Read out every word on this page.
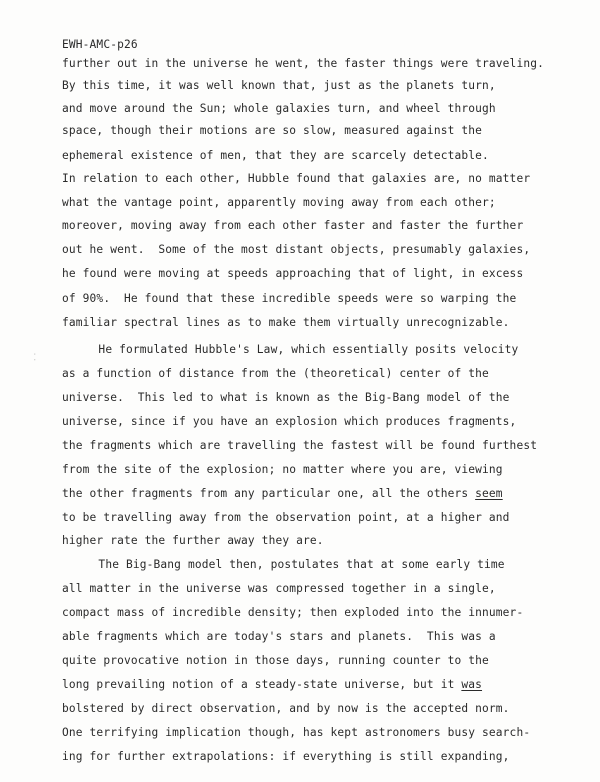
EWH-AMC-p26
further out in the universe he went, the faster things were traveling.
By this time, it was well known that, just as the planets turn,
and move around the Sun; whole galaxies turn, and wheel through
space, though their motions are so slow, measured against the
ephemeral existence of men, that they are scarcely detectable.
In relation to each other, Hubble found that galaxies are, no matter
what the vantage point, apparently moving away from each other;
moreover, moving away from each other faster and faster the further
out he went.  Some of the most distant objects, presumably galaxies,
he found were moving at speeds approaching that of light, in excess
of 90%.  He found that these incredible speeds were so warping the
familiar spectral lines as to make them virtually unrecognizable.
He formulated Hubble's Law, which essentially posits velocity
as a function of distance from the (theoretical) center of the
universe.  This led to what is known as the Big-Bang model of the
universe, since if you have an explosion which produces fragments,
the fragments which are travelling the fastest will be found furthest
from the site of the explosion; no matter where you are, viewing
the other fragments from any particular one, all the others seem
to be travelling away from the observation point, at a higher and
higher rate the further away they are.
The Big-Bang model then, postulates that at some early time
all matter in the universe was compressed together in a single,
compact mass of incredible density; then exploded into the innumer-
able fragments which are today's stars and planets.  This was a
quite provocative notion in those days, running counter to the
long prevailing notion of a steady-state universe, but it was
bolstered by direct observation, and by now is the accepted norm.
One terrifying implication though, has kept astronomers busy search-
ing for further extrapolations: if everything is still expanding,
··
